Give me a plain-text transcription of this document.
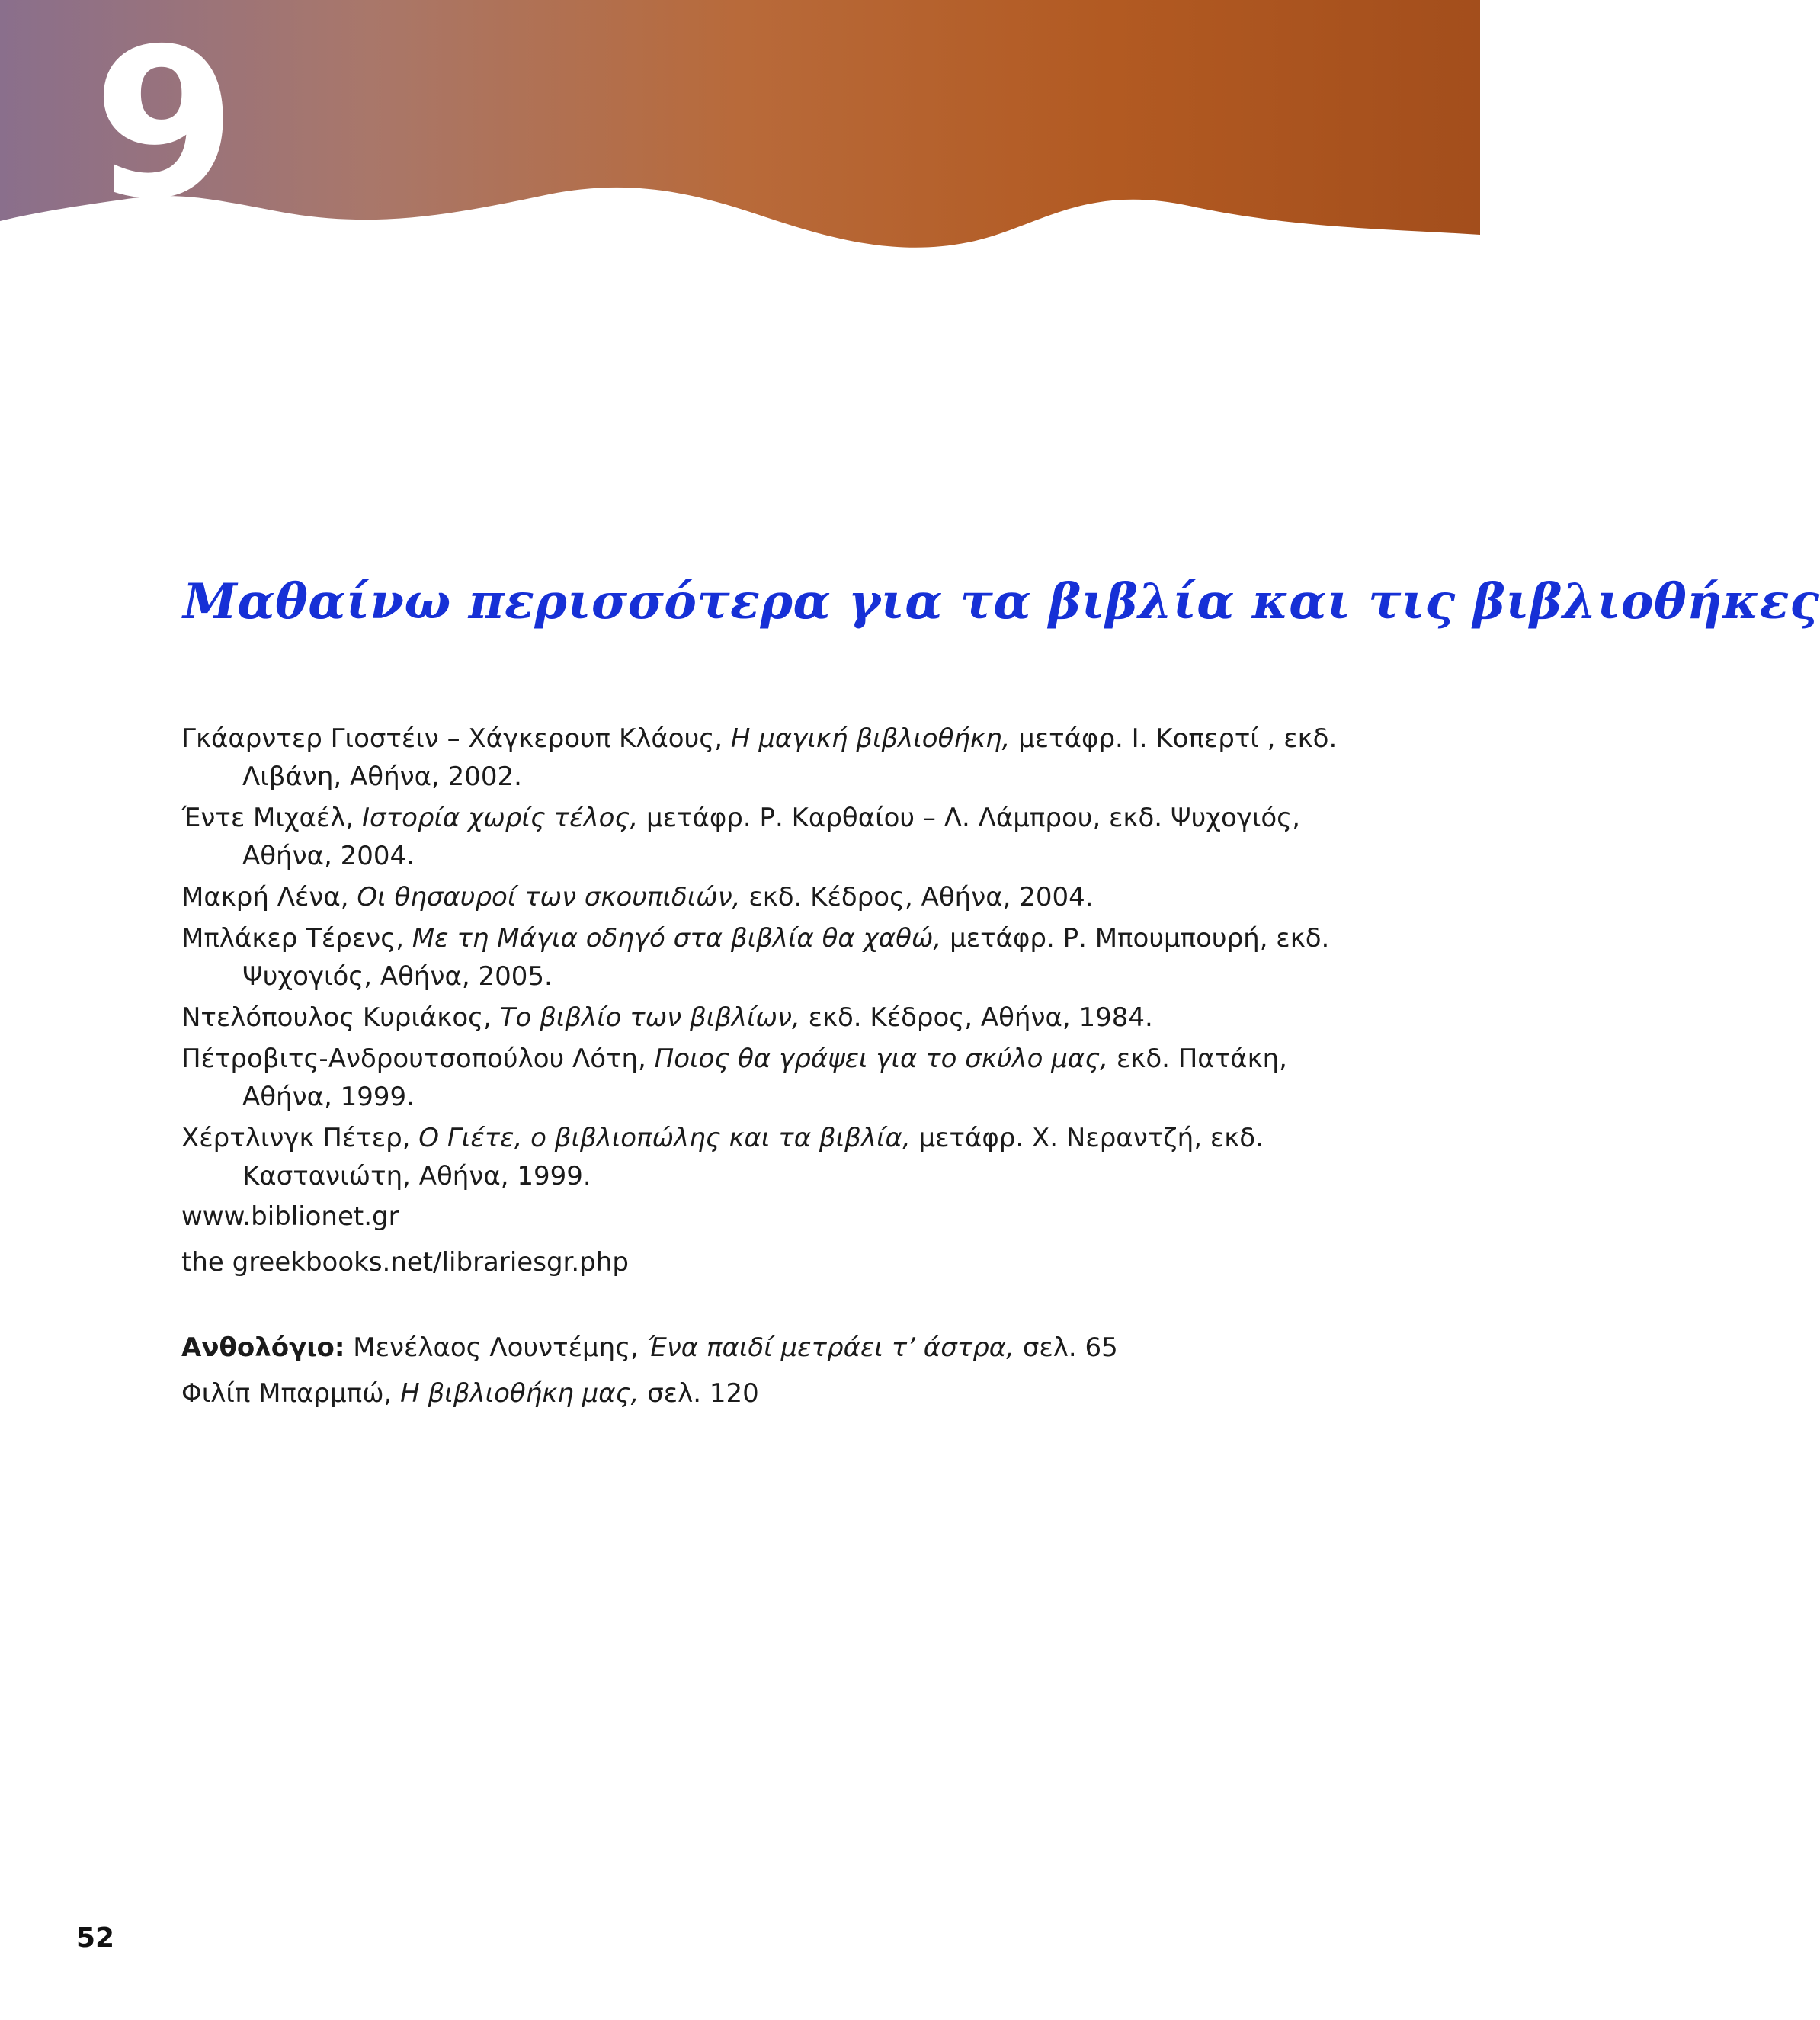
9
Μαθαίνω περισσότερα για τα βιβλία και τις βιβλιοθήκες
Γκάαρντερ Γιοστέιν – Χάγκερουπ Κλάους, Η μαγική βιβλιοθήκη, μετάφρ. Ι. Κοπερτί , εκδ. Λιβάνη, Αθήνα, 2002.
Έντε Μιχαέλ, Ιστορία χωρίς τέλος, μετάφρ. Ρ. Καρθαίου – Λ. Λάμπρου, εκδ. Ψυχογιός, Αθήνα, 2004.
Μακρή Λένα, Οι θησαυροί των σκουπιδιών, εκδ. Κέδρος, Αθήνα, 2004.
Μπλάκερ Τέρενς, Με τη Μάγια οδηγό στα βιβλία θα χαθώ, μετάφρ. Ρ. Μπουμπουρή, εκδ. Ψυχογιός, Αθήνα, 2005.
Ντελόπουλος Κυριάκος, Το βιβλίο των βιβλίων, εκδ. Κέδρος, Αθήνα, 1984.
Πέτροβιτς-Ανδρουτσοπούλου Λότη, Ποιος θα γράψει για το σκύλο μας, εκδ. Πατάκη, Αθήνα, 1999.
Χέρτλινγκ Πέτερ, Ο Γιέτε, ο βιβλιοπώλης και τα βιβλία, μετάφρ. Χ. Νεραντζή, εκδ. Καστανιώτη, Αθήνα, 1999.
www.biblionet.gr
the greekbooks.net/librariesgr.php
Ανθολόγιο: Μενέλαος Λουντέμης, Ένα παιδί μετράει τ’ άστρα, σελ. 65
Φιλίπ Μπαρμπώ, Η βιβλιοθήκη μας, σελ. 120
52
